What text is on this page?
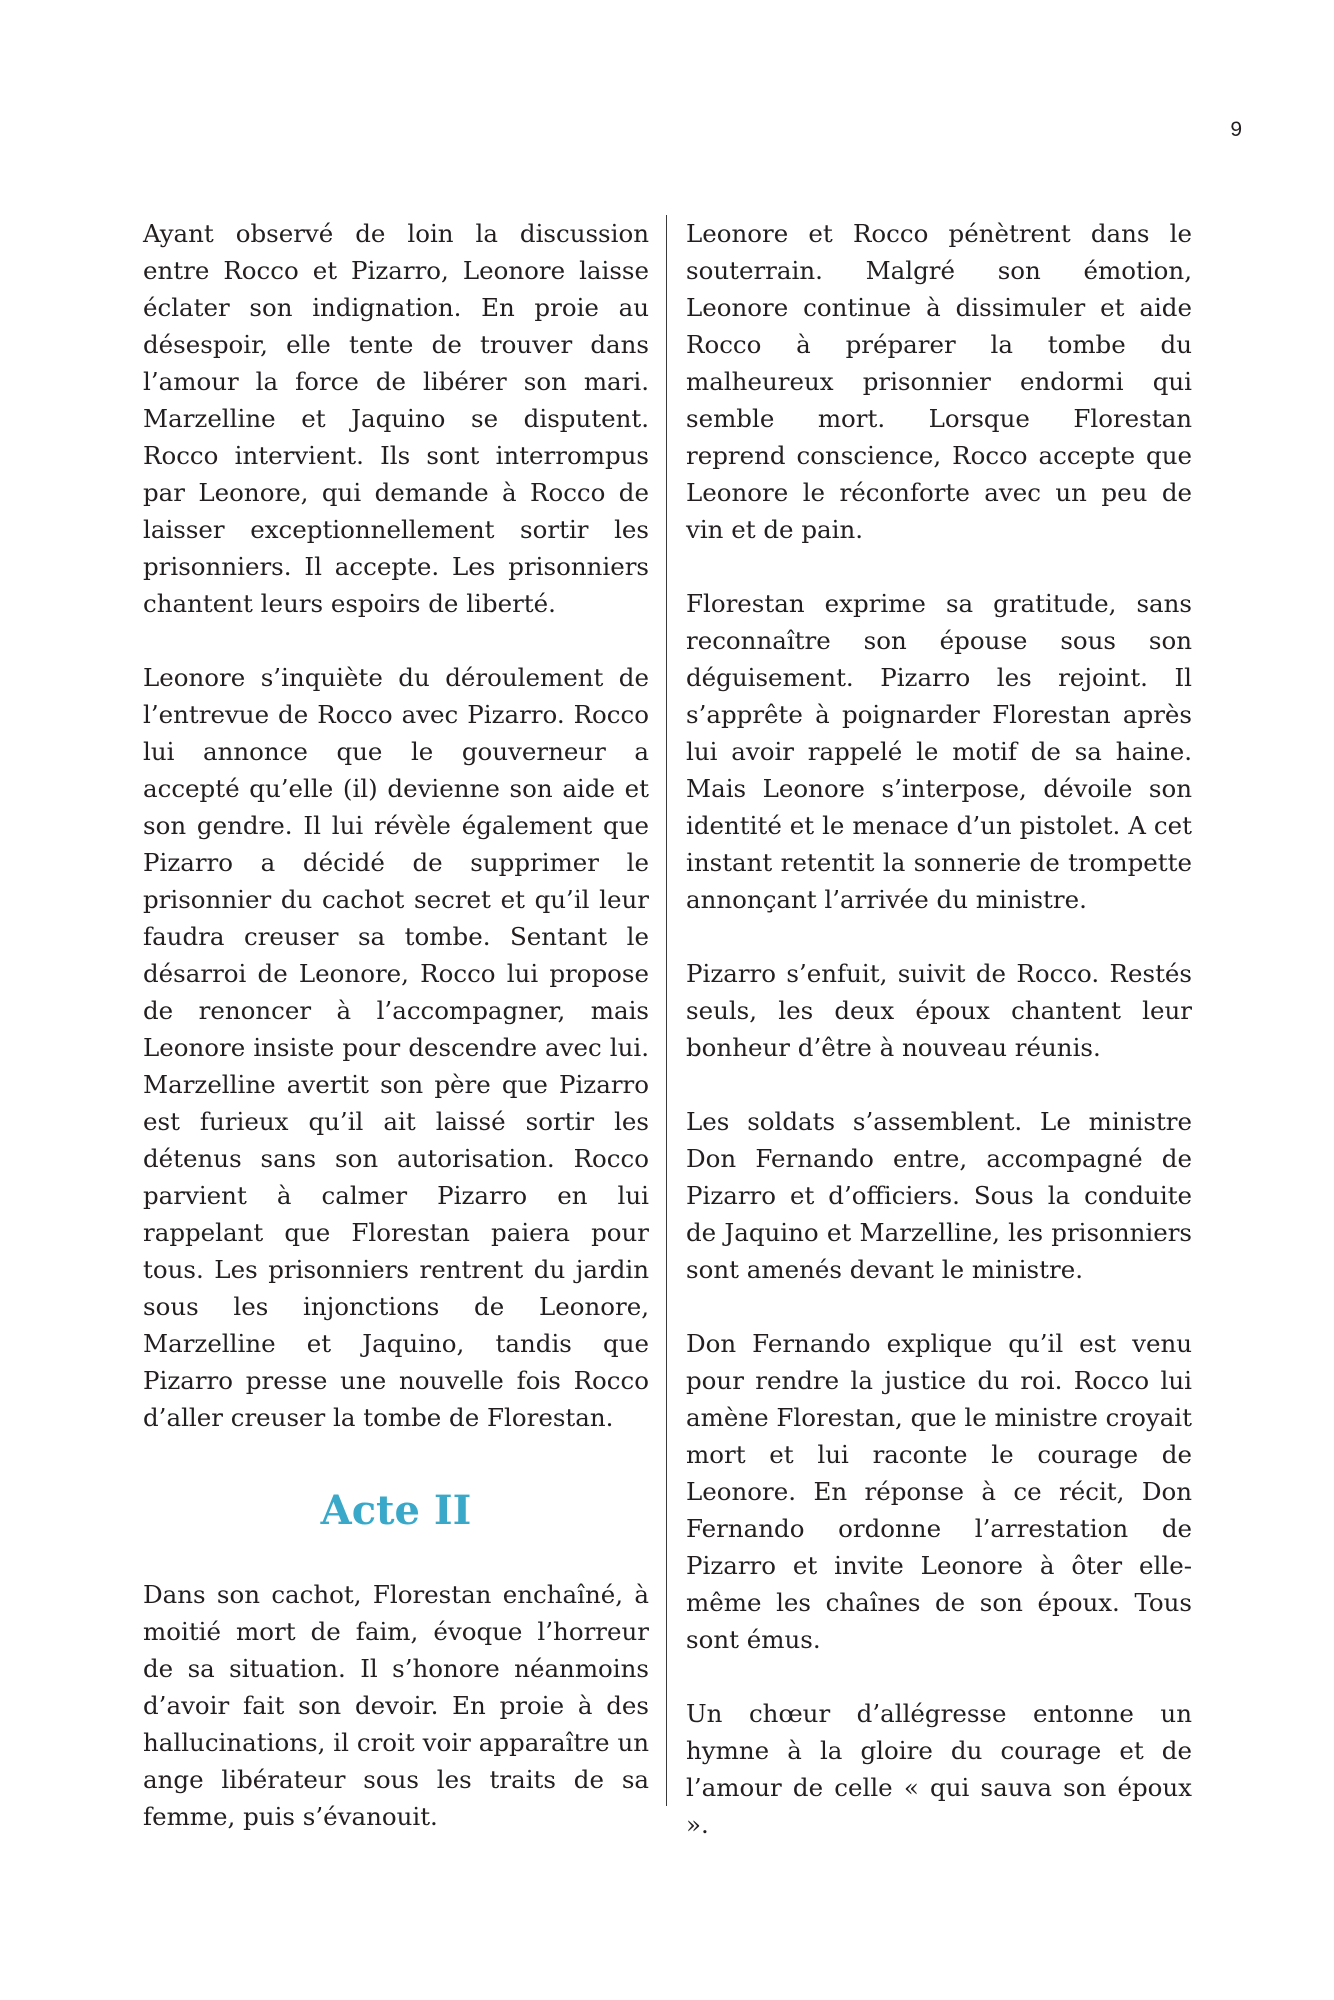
9

Ayant observé de loin la discussion entre Rocco et Pizarro, Leonore laisse éclater son indignation. En proie au désespoir, elle tente de trouver dans l’amour la force de libérer son mari. Marzelline et Jaquino se disputent. Rocco intervient. Ils sont interrompus par Leonore, qui demande à Rocco de laisser exceptionnellement sortir les prisonniers. Il accepte. Les prisonniers chantent leurs espoirs de liberté.

Leonore s’inquiète du déroulement de l’entrevue de Rocco avec Pizarro. Rocco lui annonce que le gouverneur a accepté qu’elle (il) devienne son aide et son gendre. Il lui révèle également que Pizarro a décidé de supprimer le prisonnier du cachot secret et qu’il leur faudra creuser sa tombe. Sentant le désarroi de Leonore, Rocco lui propose de renoncer à l’accompagner, mais Leonore insiste pour descendre avec lui. Marzelline avertit son père que Pizarro est furieux qu’il ait laissé sortir les détenus sans son autorisation. Rocco parvient à calmer Pizarro en lui rappelant que Florestan paiera pour tous. Les prisonniers rentrent du jardin sous les injonctions de Leonore, Marzelline et Jaquino, tandis que Pizarro presse une nouvelle fois Rocco d’aller creuser la tombe de Florestan.

Acte II

Dans son cachot, Florestan enchaîné, à moitié mort de faim, évoque l’horreur de sa situation. Il s’honore néanmoins d’avoir fait son devoir. En proie à des hallucinations, il croit voir apparaître un ange libérateur sous les traits de sa femme, puis s’évanouit.

Leonore et Rocco pénètrent dans le souterrain. Malgré son émotion, Leonore continue à dissimuler et aide Rocco à préparer la tombe du malheureux prisonnier endormi qui semble mort. Lorsque Florestan reprend conscience, Rocco accepte que Leonore le réconforte avec un peu de vin et de pain.

Florestan exprime sa gratitude, sans reconnaître son épouse sous son déguisement. Pizarro les rejoint. Il s’apprête à poignarder Florestan après lui avoir rappelé le motif de sa haine. Mais Leonore s’interpose, dévoile son identité et le menace d’un pistolet. A cet instant retentit la sonnerie de trompette annonçant l’arrivée du ministre.

Pizarro s’enfuit, suivit de Rocco. Restés seuls, les deux époux chantent leur bonheur d’être à nouveau réunis.

Les soldats s’assemblent. Le ministre Don Fernando entre, accompagné de Pizarro et d’officiers. Sous la conduite de Jaquino et Marzelline, les prisonniers sont amenés devant le ministre.

Don Fernando explique qu’il est venu pour rendre la justice du roi. Rocco lui amène Florestan, que le ministre croyait mort et lui raconte le courage de Leonore. En réponse à ce récit, Don Fernando ordonne l’arrestation de Pizarro et invite Leonore à ôter elle-même les chaînes de son époux. Tous sont émus.

Un chœur d’allégresse entonne un hymne à la gloire du courage et de l’amour de celle « qui sauva son époux ».
